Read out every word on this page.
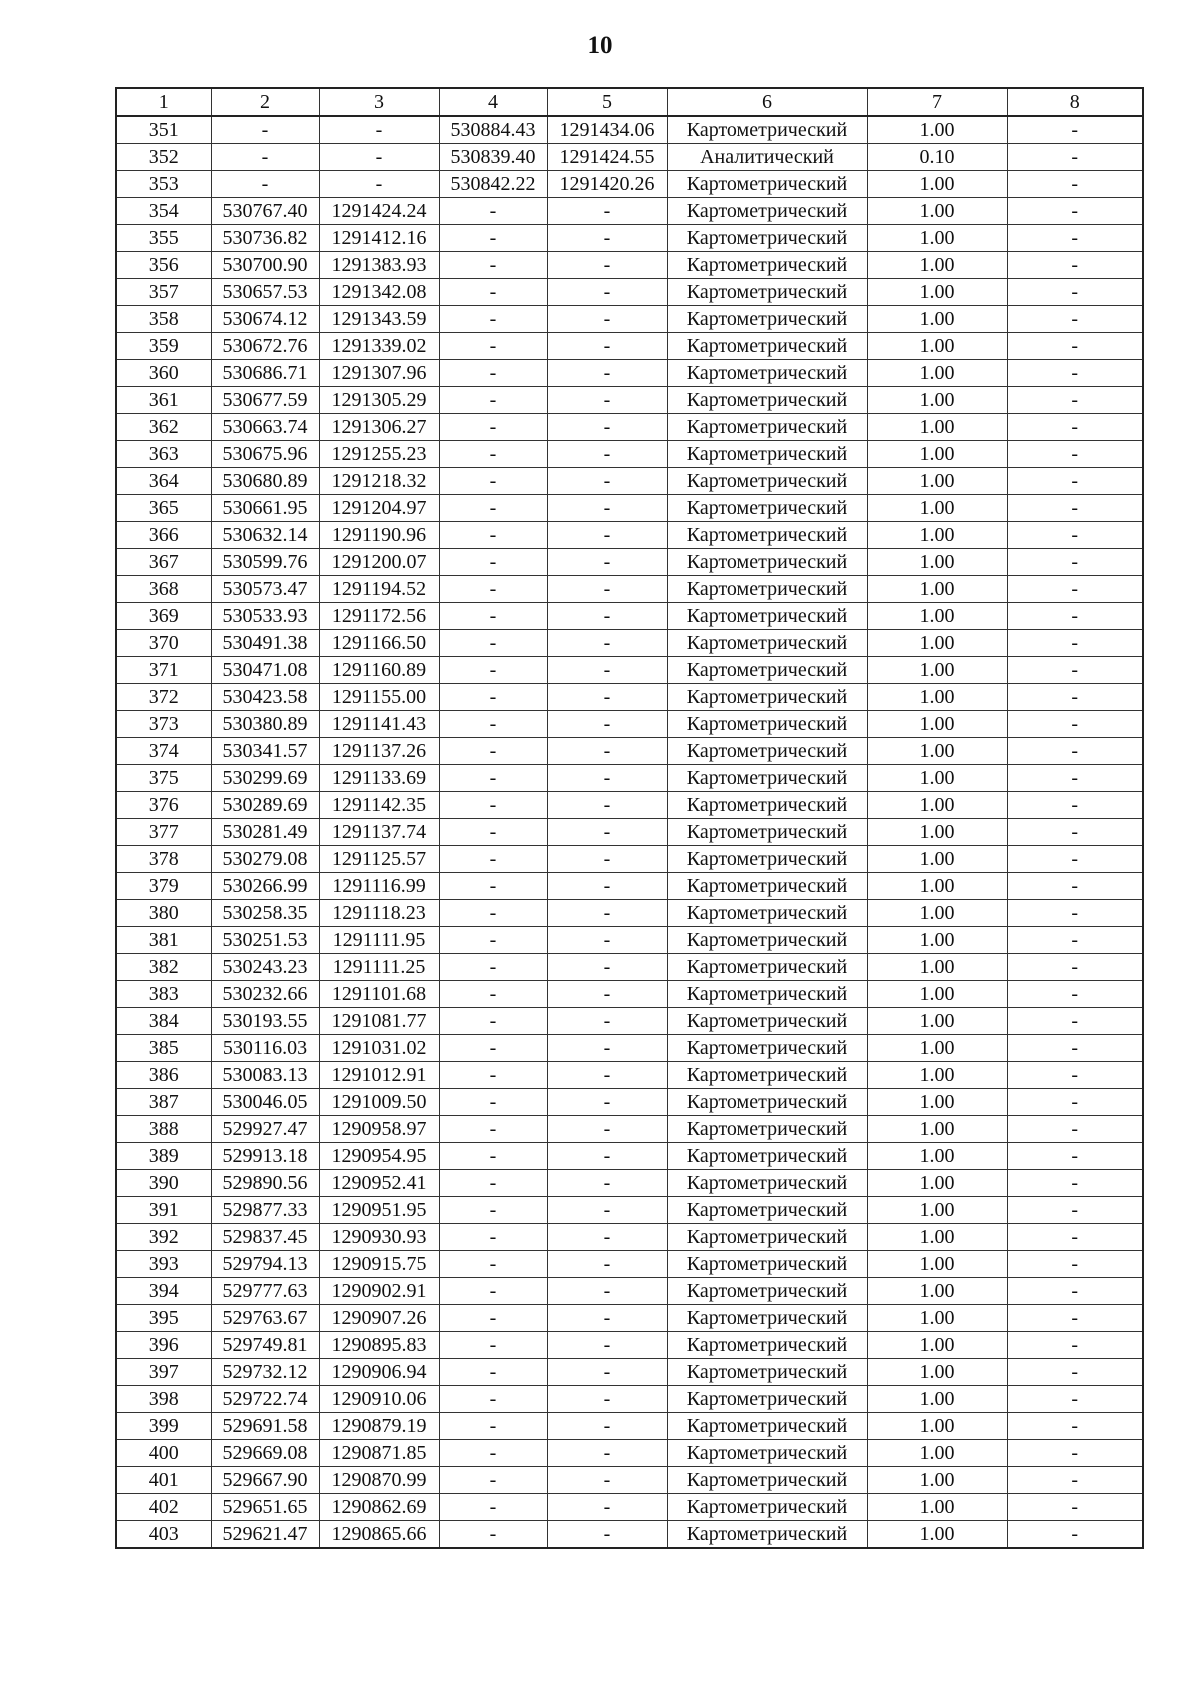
10
1	2	3	4	5	6	7	8
351	-	-	530884.43	1291434.06	Картометрический	1.00	-
352	-	-	530839.40	1291424.55	Аналитический	0.10	-
353	-	-	530842.22	1291420.26	Картометрический	1.00	-
354	530767.40	1291424.24	-	-	Картометрический	1.00	-
355	530736.82	1291412.16	-	-	Картометрический	1.00	-
356	530700.90	1291383.93	-	-	Картометрический	1.00	-
357	530657.53	1291342.08	-	-	Картометрический	1.00	-
358	530674.12	1291343.59	-	-	Картометрический	1.00	-
359	530672.76	1291339.02	-	-	Картометрический	1.00	-
360	530686.71	1291307.96	-	-	Картометрический	1.00	-
361	530677.59	1291305.29	-	-	Картометрический	1.00	-
362	530663.74	1291306.27	-	-	Картометрический	1.00	-
363	530675.96	1291255.23	-	-	Картометрический	1.00	-
364	530680.89	1291218.32	-	-	Картометрический	1.00	-
365	530661.95	1291204.97	-	-	Картометрический	1.00	-
366	530632.14	1291190.96	-	-	Картометрический	1.00	-
367	530599.76	1291200.07	-	-	Картометрический	1.00	-
368	530573.47	1291194.52	-	-	Картометрический	1.00	-
369	530533.93	1291172.56	-	-	Картометрический	1.00	-
370	530491.38	1291166.50	-	-	Картометрический	1.00	-
371	530471.08	1291160.89	-	-	Картометрический	1.00	-
372	530423.58	1291155.00	-	-	Картометрический	1.00	-
373	530380.89	1291141.43	-	-	Картометрический	1.00	-
374	530341.57	1291137.26	-	-	Картометрический	1.00	-
375	530299.69	1291133.69	-	-	Картометрический	1.00	-
376	530289.69	1291142.35	-	-	Картометрический	1.00	-
377	530281.49	1291137.74	-	-	Картометрический	1.00	-
378	530279.08	1291125.57	-	-	Картометрический	1.00	-
379	530266.99	1291116.99	-	-	Картометрический	1.00	-
380	530258.35	1291118.23	-	-	Картометрический	1.00	-
381	530251.53	1291111.95	-	-	Картометрический	1.00	-
382	530243.23	1291111.25	-	-	Картометрический	1.00	-
383	530232.66	1291101.68	-	-	Картометрический	1.00	-
384	530193.55	1291081.77	-	-	Картометрический	1.00	-
385	530116.03	1291031.02	-	-	Картометрический	1.00	-
386	530083.13	1291012.91	-	-	Картометрический	1.00	-
387	530046.05	1291009.50	-	-	Картометрический	1.00	-
388	529927.47	1290958.97	-	-	Картометрический	1.00	-
389	529913.18	1290954.95	-	-	Картометрический	1.00	-
390	529890.56	1290952.41	-	-	Картометрический	1.00	-
391	529877.33	1290951.95	-	-	Картометрический	1.00	-
392	529837.45	1290930.93	-	-	Картометрический	1.00	-
393	529794.13	1290915.75	-	-	Картометрический	1.00	-
394	529777.63	1290902.91	-	-	Картометрический	1.00	-
395	529763.67	1290907.26	-	-	Картометрический	1.00	-
396	529749.81	1290895.83	-	-	Картометрический	1.00	-
397	529732.12	1290906.94	-	-	Картометрический	1.00	-
398	529722.74	1290910.06	-	-	Картометрический	1.00	-
399	529691.58	1290879.19	-	-	Картометрический	1.00	-
400	529669.08	1290871.85	-	-	Картометрический	1.00	-
401	529667.90	1290870.99	-	-	Картометрический	1.00	-
402	529651.65	1290862.69	-	-	Картометрический	1.00	-
403	529621.47	1290865.66	-	-	Картометрический	1.00	-
